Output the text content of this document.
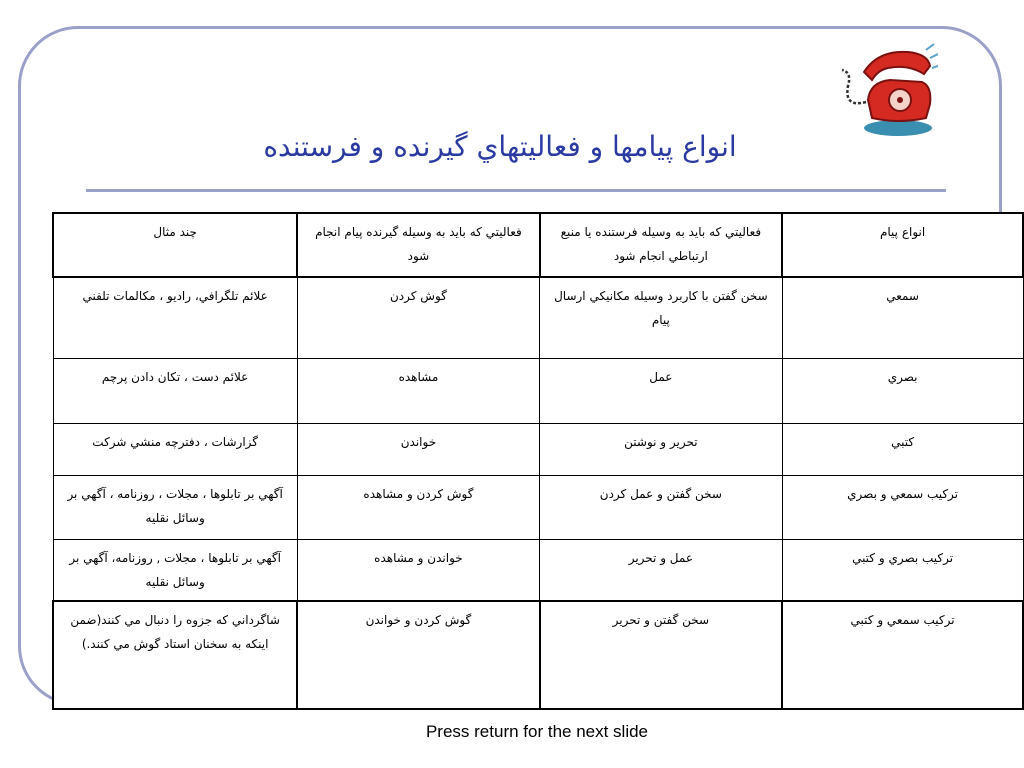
انواع پيامها و فعاليتهاي گيرنده و فرستنده
انواع پيام	فعاليتي كه بايد به وسيله فرستنده يا منبع ارتباطي انجام شود	فعاليتي كه بايد به وسيله گيرنده پيام انجام شود	چند مثال
سمعي	سخن گفتن با كاربرد وسيله مكانيكي ارسال پيام	گوش كردن	علائم تلگرافي، راديو ، مكالمات تلفني
بصري	عمل	مشاهده	علائم دست ، تكان دادن پرچم
كتبي	تحرير و نوشتن	خواندن	گزارشات ، دفترچه منشي شركت
تركيب سمعي و بصري	سخن گفتن و عمل كردن	گوش كردن و مشاهده	آگهي بر تابلوها ، مجلات ، روزنامه ، آگهي بر وسائل نقليه
تركيب بصري و كتبي	عمل و تحرير	خواندن و مشاهده	آگهي بر تابلوها ، مجلات , روزنامه، آگهي بر وسائل نقليه
تركيب سمعي و كتبي	سخن گفتن و تحرير	گوش كردن و خواندن	شاگرداني كه جزوه را دنبال مي كنند(ضمن اينكه به سخنان استاد گوش مي كنند.)
Press return for the next slide
